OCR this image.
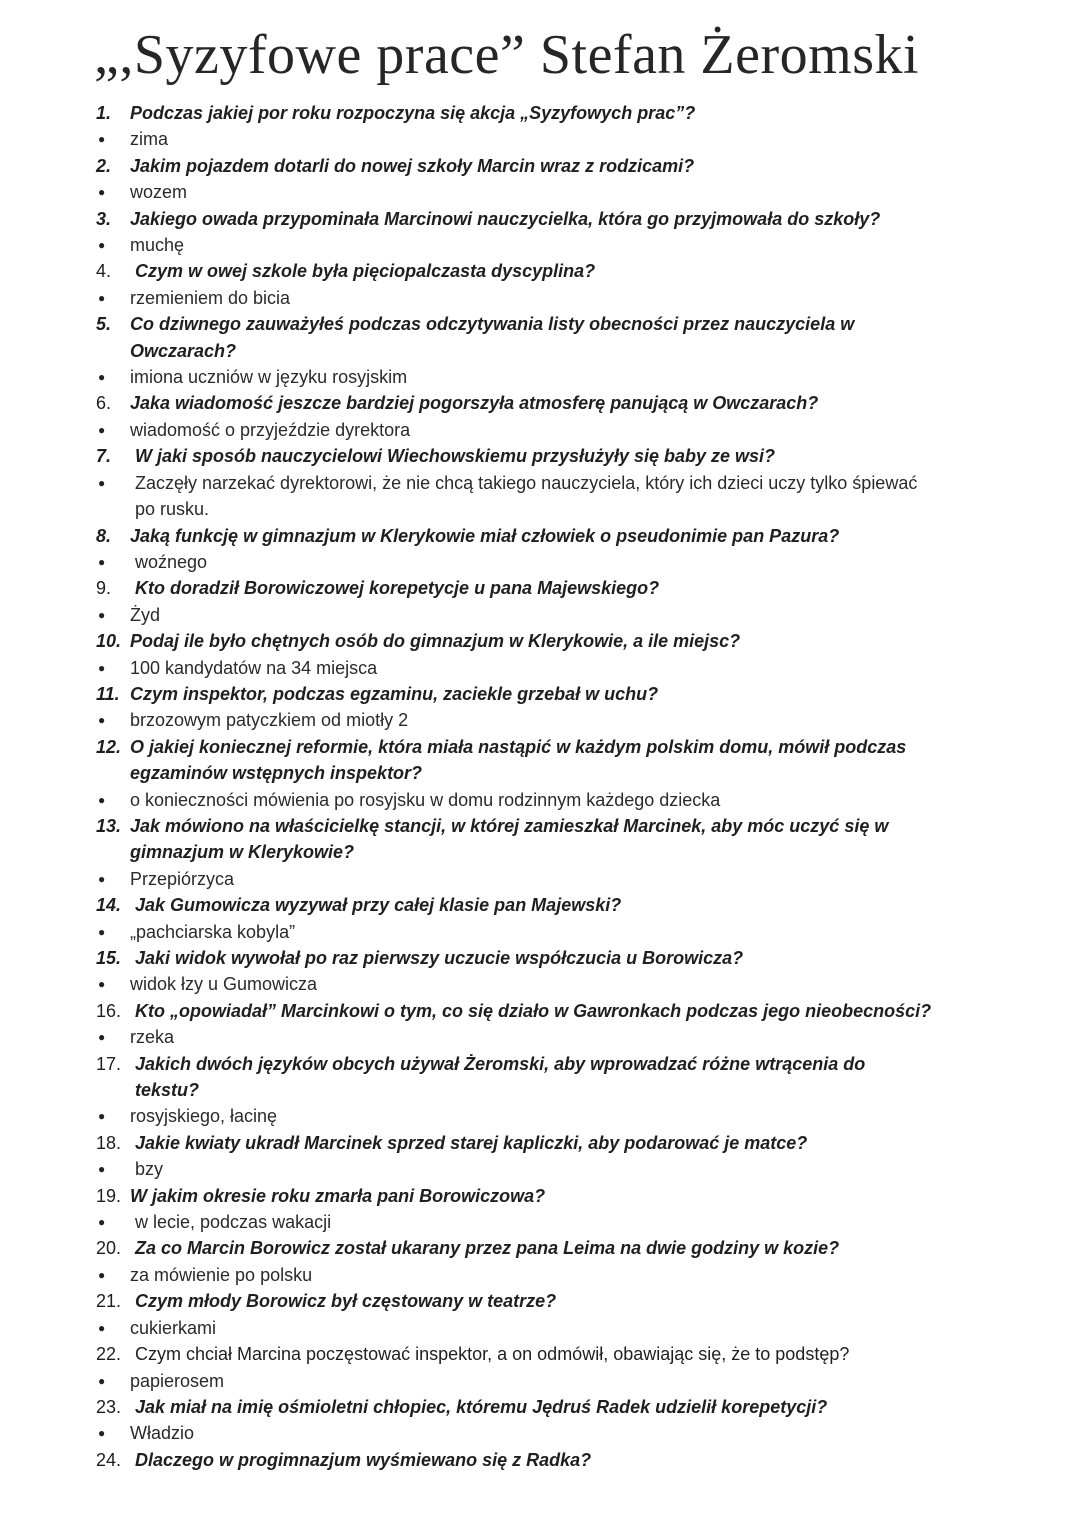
„,Syzyfowe prace” Stefan Żeromski
1.	Podczas jakiej por roku rozpoczyna się akcja „Syzyfowych prac”?
●	zima
2.	Jakim pojazdem dotarli do nowej szkoły Marcin wraz z rodzicami?
●	wozem
3.	Jakiego owada przypominała Marcinowi nauczycielka, która go przyjmowała do szkoły?
●	muchę
4.	Czym w owej szkole była pięciopalczasta dyscyplina?
●	rzemieniem do bicia
5.	Co dziwnego zauważyłeś podczas odczytywania listy obecności przez nauczyciela w
Owczarach?
●	imiona uczniów w języku rosyjskim
6.	Jaka wiadomość jeszcze bardziej pogorszyła atmosferę panującą w Owczarach?
●	wiadomość o przyjeździe dyrektora
7.	W jaki sposób nauczycielowi Wiechowskiemu przysłużyły się baby ze wsi?
●	Zaczęły narzekać dyrektorowi, że nie chcą takiego nauczyciela, który ich dzieci uczy tylko śpiewać
po rusku.
8.	Jaką funkcję w gimnazjum w Klerykowie miał człowiek o pseudonimie pan Pazura?
●	woźnego
9.	Kto doradził Borowiczowej korepetycje u pana Majewskiego?
●	Żyd
10. Podaj ile było chętnych osób do gimnazjum w Klerykowie, a ile miejsc?
●	100 kandydatów na 34 miejsca
11. Czym inspektor, podczas egzaminu, zaciekle grzebał w uchu?
●	brzozowym patyczkiem od miotły 2
12. O jakiej koniecznej reformie, która miała nastąpić w każdym polskim domu, mówił podczas
egzaminów wstępnych inspektor?
●	o konieczności mówienia po rosyjsku w domu rodzinnym każdego dziecka
13. Jak mówiono na właścicielkę stancji, w której zamieszkał Marcinek, aby móc uczyć się w
gimnazjum w Klerykowie?
●	Przepiórzyca
14. Jak Gumowicza wyzywał przy całej klasie pan Majewski?
●	„pachciarska kobyla”
15. Jaki widok wywołał po raz pierwszy uczucie współczucia u Borowicza?
●	widok łzy u Gumowicza
16. Kto „opowiadał” Marcinkowi o tym, co się działo w Gawronkach podczas jego nieobecności?
●	rzeka
17. Jakich dwóch języków obcych używał Żeromski, aby wprowadzać różne wtrącenia do
tekstu?
●	rosyjskiego, łacinę
18. Jakie kwiaty ukradł Marcinek sprzed starej kapliczki, aby podarować je matce?
●	bzy
19. W jakim okresie roku zmarła pani Borowiczowa?
●	w lecie, podczas wakacji
20. Za co Marcin Borowicz został ukarany przez pana Leima na dwie godziny w kozie?
●	za mówienie po polsku
21. Czym młody Borowicz był częstowany w teatrze?
●	cukierkami
22. Czym chciał Marcina poczęstować inspektor, a on odmówił, obawiając się, że to podstęp?
●	papierosem
23. Jak miał na imię ośmioletni chłopiec, któremu Jędruś Radek udzielił korepetycji?
●	Władzio
24. Dlaczego w progimnazjum wyśmiewano się z Radka?
